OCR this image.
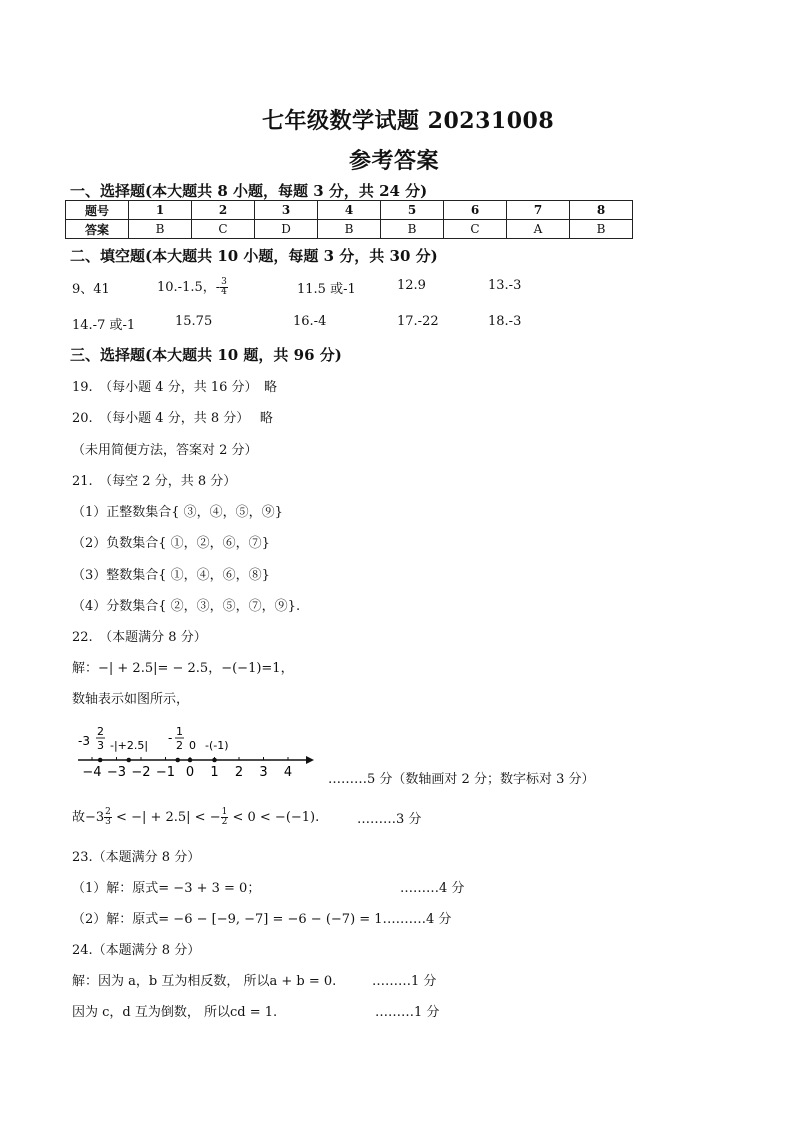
七年级数学试题 20231008
参考答案
一、选择题(本大题共 8 小题，每题 3 分，共 24 分)
题号	1	2	3	4	5	6	7	8
答案	B	C	D	B	B	C	A	B
二、填空题(本大题共 10 小题，每题 3 分，共 30 分)
9、41	10.-1.5，- $\frac{3}{4}$	11.5 或-1	12.9	13.-3
14.-7 或-1	15.75	16.-4	17.-22	18.-3
三、选择题(本大题共 10 题，共 96 分)
19.　（每小题 4 分，共 16 分）　略
20.　（每小题 4 分，共 8 分）　 略
（未用简便方法，答案对 2 分）
21.　（每空 2 分，共 8 分）
（1）正整数集合{ ③，④，⑤，⑨}
（2）负数集合{ ①，②，⑥，⑦}
（3）整数集合{ ①，④，⑥，⑧}
（4）分数集合{ ②，③，⑤，⑦，⑨}.
22.　（本题满分 8 分）
解：−| + 2.5|= − 2.5，−(−1)=1，
数轴表示如图所示，
−4 −3 −2 −1 0 1 2 3 4
-3
2
3 -|+2.5|
- 1
2 0 -(-1)
………5 分（数轴画对 2 分；数字标对 3 分）
故$-3 \frac{2}{3}$ < −| + 2.5| < − $\frac{1}{2} < 0 < -(-1)$.	………3 分
23.（本题满分 8 分）
（1）解：原式= −3 + 3 = 0；	………4 分
（2）解：原式= −6 − [−9, −7] = −6 − (−7) = 1. ………4 分
24.（本题满分 8 分）
解：因为 a，b 互为相反数， 所以a + b = 0.	………1 分
因为 c，d 互为倒数， 所以cd = 1.	………1 分
